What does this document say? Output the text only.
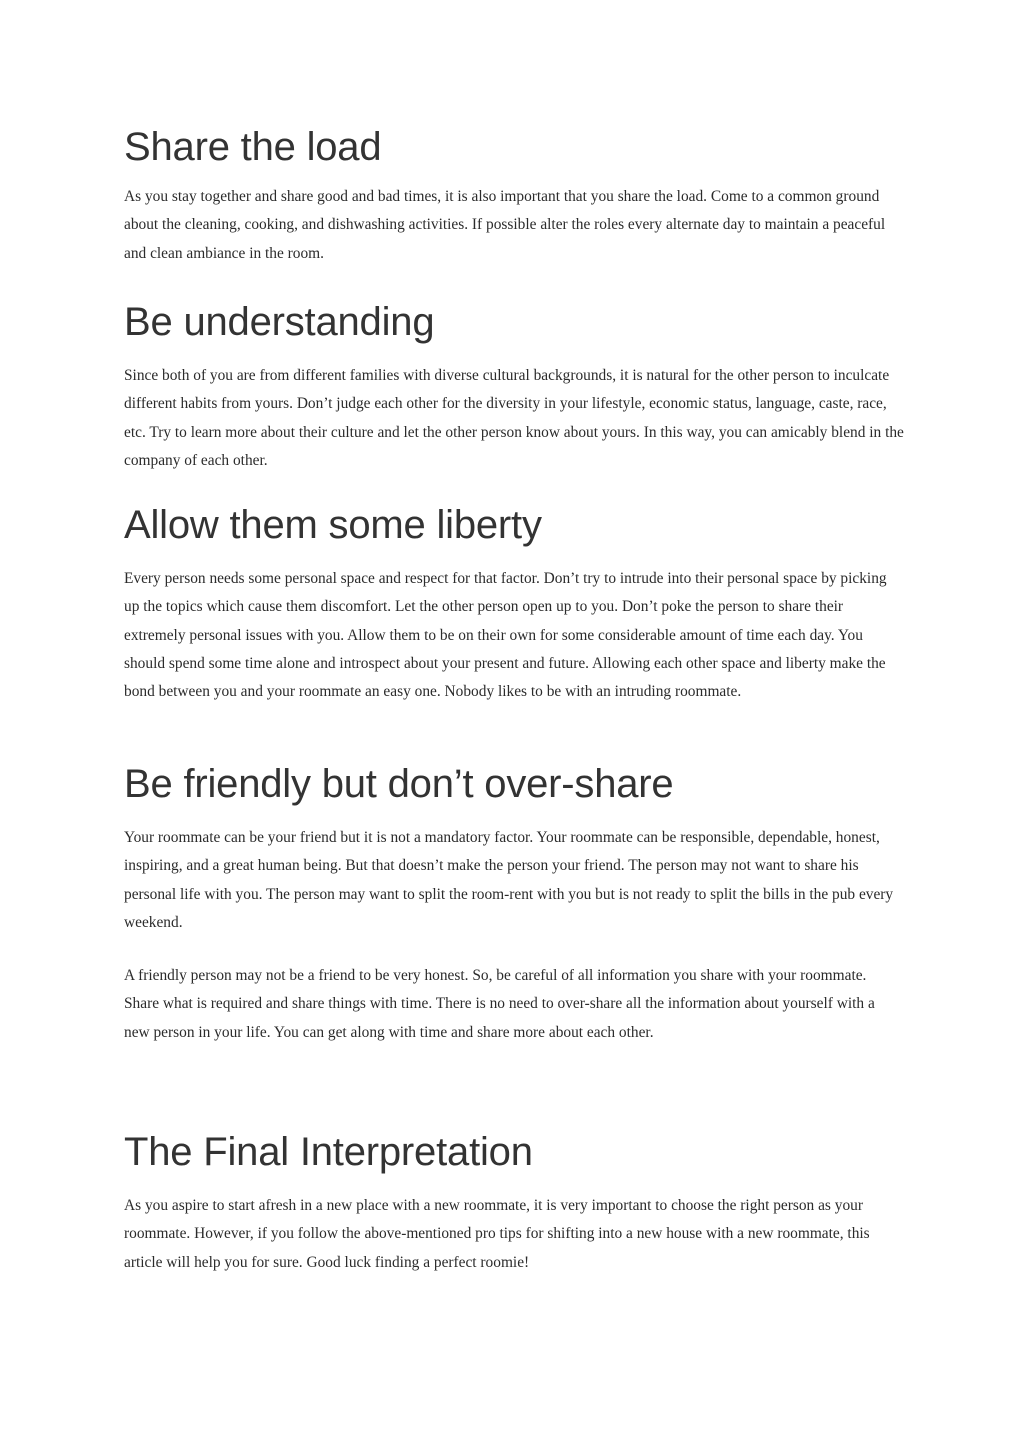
Share the load

As you stay together and share good and bad times, it is also important that you share the load. Come to a common ground about the cleaning, cooking, and dishwashing activities. If possible alter the roles every alternate day to maintain a peaceful and clean ambiance in the room.

Be understanding

Since both of you are from different families with diverse cultural backgrounds, it is natural for the other person to inculcate different habits from yours. Don’t judge each other for the diversity in your lifestyle, economic status, language, caste, race, etc. Try to learn more about their culture and let the other person know about yours. In this way, you can amicably blend in the company of each other.

Allow them some liberty

Every person needs some personal space and respect for that factor. Don’t try to intrude into their personal space by picking up the topics which cause them discomfort. Let the other person open up to you. Don’t poke the person to share their extremely personal issues with you. Allow them to be on their own for some considerable amount of time each day. You should spend some time alone and introspect about your present and future. Allowing each other space and liberty make the bond between you and your roommate an easy one. Nobody likes to be with an intruding roommate.

Be friendly but don’t over-share

Your roommate can be your friend but it is not a mandatory factor. Your roommate can be responsible, dependable, honest, inspiring, and a great human being. But that doesn’t make the person your friend. The person may not want to share his personal life with you. The person may want to split the room-rent with you but is not ready to split the bills in the pub every weekend.

A friendly person may not be a friend to be very honest. So, be careful of all information you share with your roommate. Share what is required and share things with time. There is no need to over-share all the information about yourself with a new person in your life. You can get along with time and share more about each other.

The Final Interpretation

As you aspire to start afresh in a new place with a new roommate, it is very important to choose the right person as your roommate. However, if you follow the above-mentioned pro tips for shifting into a new house with a new roommate, this article will help you for sure. Good luck finding a perfect roomie!
